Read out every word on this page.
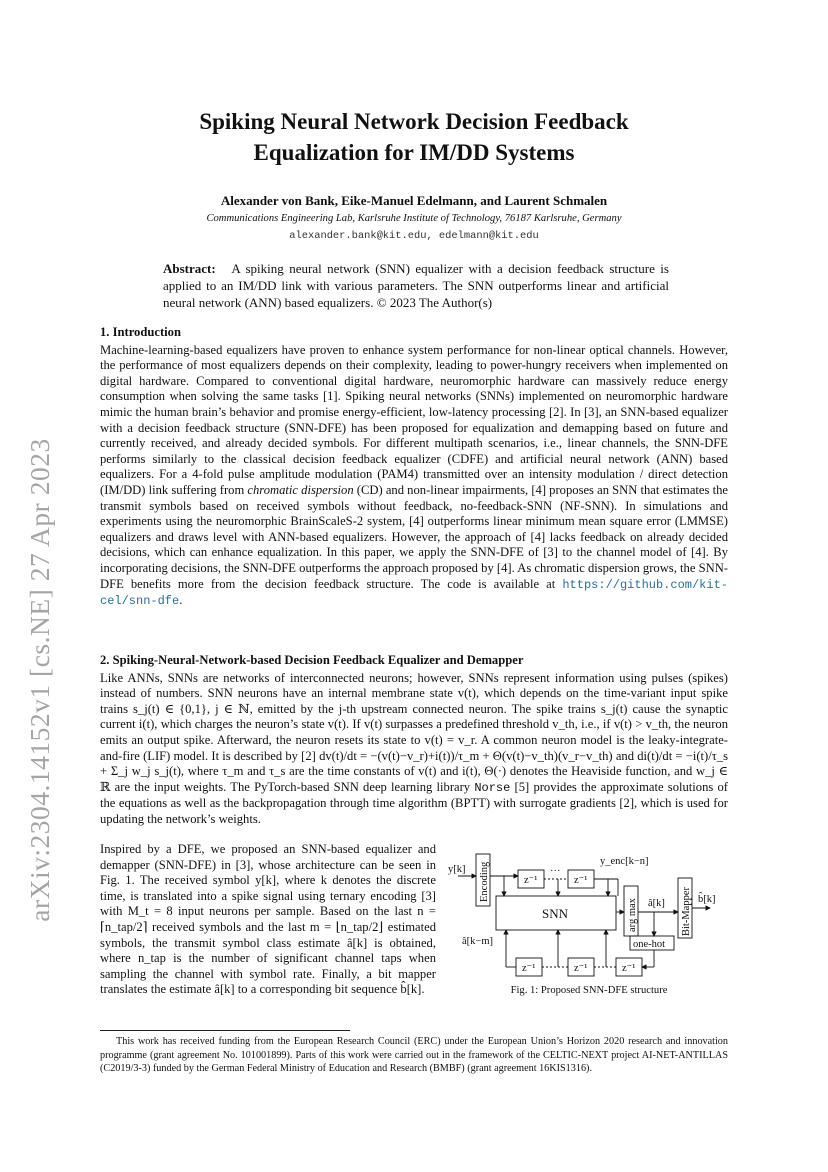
arXiv:2304.14152v1 [cs.NE] 27 Apr 2023
Spiking Neural Network Decision Feedback
Equalization for IM/DD Systems
Alexander von Bank, Eike-Manuel Edelmann, and Laurent Schmalen
Communications Engineering Lab, Karlsruhe Institute of Technology, 76187 Karlsruhe, Germany
alexander.bank@kit.edu, edelmann@kit.edu
Abstract: A spiking neural network (SNN) equalizer with a decision feedback structure is applied to an IM/DD link with various parameters. The SNN outperforms linear and artificial neural network (ANN) based equalizers. © 2023 The Author(s)
1. Introduction

Machine-learning-based equalizers have proven to enhance system performance for non-linear optical channels. However, the performance of most equalizers depends on their complexity, leading to power-hungry receivers when implemented on digital hardware. Compared to conventional digital hardware, neuromorphic hardware can massively reduce energy consumption when solving the same tasks [1]. Spiking neural networks (SNNs) implemented on neuromorphic hardware mimic the human brain’s behavior and promise energy-efficient, low-latency processing [2]. In [3], an SNN-based equalizer with a decision feedback structure (SNN-DFE) has been proposed for equalization and demapping based on future and currently received, and already decided symbols. For different multipath scenarios, i.e., linear channels, the SNN-DFE performs similarly to the classical decision feedback equalizer (CDFE) and artificial neural network (ANN) based equalizers. For a 4-fold pulse amplitude modulation (PAM4) transmitted over an intensity modulation / direct detection (IM/DD) link suffering from chromatic dispersion (CD) and non-linear impairments, [4] proposes an SNN that estimates the transmit symbols based on received symbols without feedback, no-feedback-SNN (NF-SNN). In simulations and experiments using the neuromorphic BrainScaleS-2 system, [4] outperforms linear minimum mean square error (LMMSE) equalizers and draws level with ANN-based equalizers. However, the approach of [4] lacks feedback on already decided decisions, which can enhance equalization. In this paper, we apply the SNN-DFE of [3] to the channel model of [4]. By incorporating decisions, the SNN-DFE outperforms the approach proposed by [4]. As chromatic dispersion grows, the SNN-DFE benefits more from the decision feedback structure. The code is available at https://github.com/kit-cel/snn-dfe.

2. Spiking-Neural-Network-based Decision Feedback Equalizer and Demapper

Like ANNs, SNNs are networks of interconnected neurons; however, SNNs represent information using pulses (spikes) instead of numbers. SNN neurons have an internal membrane state v(t), which depends on the time-variant input spike trains s_j(t) ∈ {0,1}, j ∈ ℕ, emitted by the j-th upstream connected neuron. The spike trains s_j(t) cause the synaptic current i(t), which charges the neuron’s state v(t). If v(t) surpasses a predefined threshold v_th, i.e., if v(t) > v_th, the neuron emits an output spike. Afterward, the neuron resets its state to v(t) = v_r. A common neuron model is the leaky-integrate-and-fire (LIF) model. It is described by [2] dv(t)/dt = −(v(t)−v_r)+i(t))/τ_m + Θ(v(t)−v_th)(v_r−v_th) and di(t)/dt = −i(t)/τ_s + Σ_j w_j s_j(t), where τ_m and τ_s are the time constants of v(t) and i(t), Θ(·) denotes the Heaviside function, and w_j ∈ ℝ are the input weights. The PyTorch-based SNN deep learning library Norse [5] provides the approximate solutions of the equations as well as the backpropagation through time algorithm (BPTT) with surrogate gradients [2], which is used for updating the network’s weights.

Inspired by a DFE, we proposed an SNN-based equalizer and demapper (SNN-DFE) in [3], whose architecture can be seen in Fig. 1. The received symbol y[k], where k denotes the discrete time, is translated into a spike signal using ternary encoding [3] with M_t = 8 input neurons per sample. Based on the last n = ⌈n_tap/2⌉ received symbols and the last m = ⌊n_tap/2⌋ estimated symbols, the transmit symbol class estimate â[k] is obtained, where n_tap is the number of significant channel taps when sampling the channel with symbol rate. Finally, a bit mapper translates the estimate â[k] to a corresponding bit sequence b̂[k].

y[k] Encoding	z⁻¹
···
z⁻¹
y_enc[k−n]
SNN	arg max â[k] Bit-Mapper b̂[k]
one-hot
â[k−m]
z⁻¹	z⁻¹	z⁻¹
Fig. 1: Proposed SNN-DFE structure
This work has received funding from the European Research Council (ERC) under the European Union’s Horizon 2020 research and innovation programme (grant agreement No. 101001899). Parts of this work were carried out in the framework of the CELTIC-NEXT project AI-NET-ANTILLAS (C2019/3-3) funded by the German Federal Ministry of Education and Research (BMBF) (grant agreement 16KIS1316).
